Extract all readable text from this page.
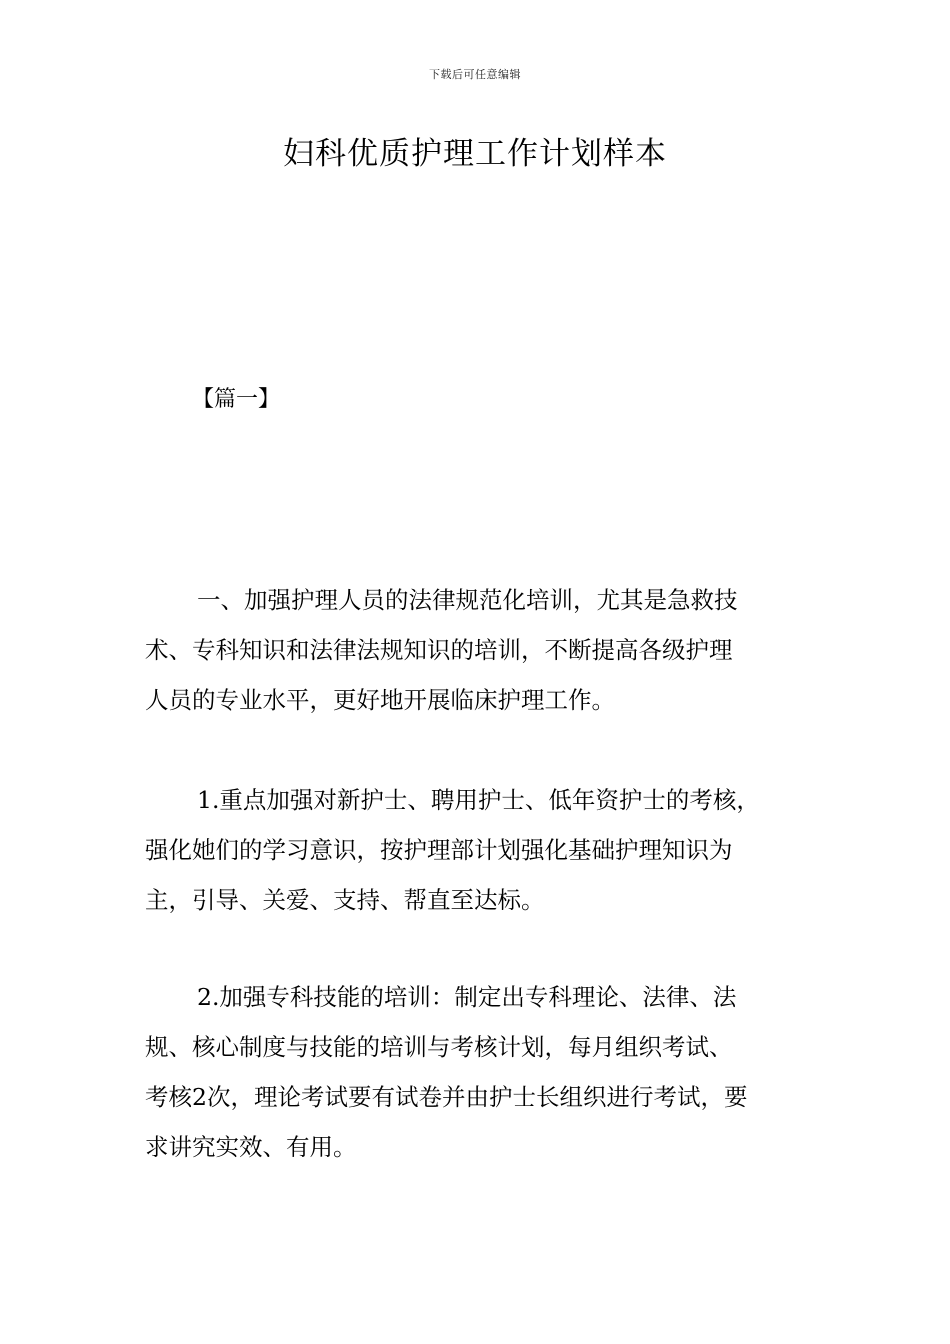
下载后可任意编辑
妇科优质护理工作计划样本
【篇一】
一、加强护理人员的法律规范化培训，尤其是急救技
术、专科知识和法律法规知识的培训，不断提高各级护理
人员的专业水平，更好地开展临床护理工作。
1.重点加强对新护士、聘用护士、低年资护士的考核，
强化她们的学习意识，按护理部计划强化基础护理知识为
主，引导、关爱、支持、帮直至达标。
2.加强专科技能的培训：制定出专科理论、法律、法
规、核心制度与技能的培训与考核计划，每月组织考试、
考核2次，理论考试要有试卷并由护士长组织进行考试，要
求讲究实效、有用。
